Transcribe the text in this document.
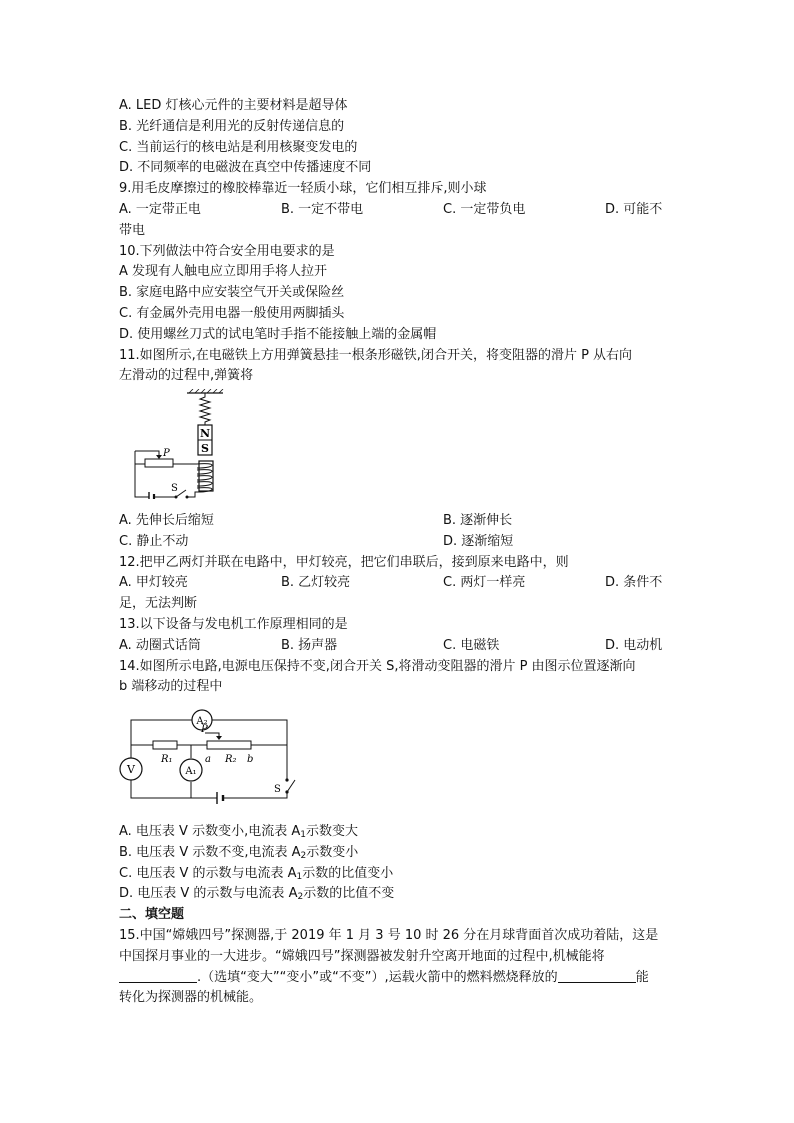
A. LED 灯核心元件的主要材料是超导体
B. 光纤通信是利用光的反射传递信息的
C. 当前运行的核电站是利用核聚变发电的
D. 不同频率的电磁波在真空中传播速度不同
9.用毛皮摩擦过的橡胶棒靠近一轻质小球，它们相互排斥,则小球
A. 一定带正电	B. 一定不带电	C. 一定带负电	D. 可能不
带电
10.下列做法中符合安全用电要求的是
A 发现有人触电应立即用手将人拉开
B. 家庭电路中应安装空气开关或保险丝
C. 有金属外壳用电器一般使用两脚插头
D. 使用螺丝刀式的试电笔时手指不能接触上端的金属帽
11.如图所示,在电磁铁上方用弹簧悬挂一根条形磁铁,闭合开关，将变阻器的滑片 P 从右向
左滑动的过程中,弹簧将
N
S
S
P
A. 先伸长后缩短	B. 逐渐伸长
C. 静止不动	D. 逐渐缩短
12.把甲乙两灯并联在电路中，甲灯较亮，把它们串联后，接到原来电路中，则
A. 甲灯较亮	B. 乙灯较亮	C. 两灯一样亮	D. 条件不
足，无法判断
13.以下设备与发电机工作原理相同的是
A. 动圈式话筒	B. 扬声器	C. 电磁铁	D. 电动机
14.如图所示电路,电源电压保持不变,闭合开关 S,将滑动变阻器的滑片 P 由图示位置逐渐向
b 端移动的过程中
A₂
R₁	R₂
a	b
P
V	A₁
S
A. 电压表 V 示数变小,电流表 $A_1$示数变大
B. 电压表 V 示数不变,电流表 $A_2$示数变小
C. 电压表 V 的示数与电流表 $A_1$示数的比值变小
D. 电压表 V 的示数与电流表 $A_2$示数的比值不变
二、填空题
15.中国“嫦娥四号”探测器,于 2019 年 1 月 3 号 10 时 26 分在月球背面首次成功着陆，这是
中国探月事业的一大进步。“嫦娥四号”探测器被发射升空离开地面的过程中,机械能将
.（选填“变大”“变小”或“不变”）,运载火箭中的燃料燃烧释放的	能
转化为探测器的机械能。
